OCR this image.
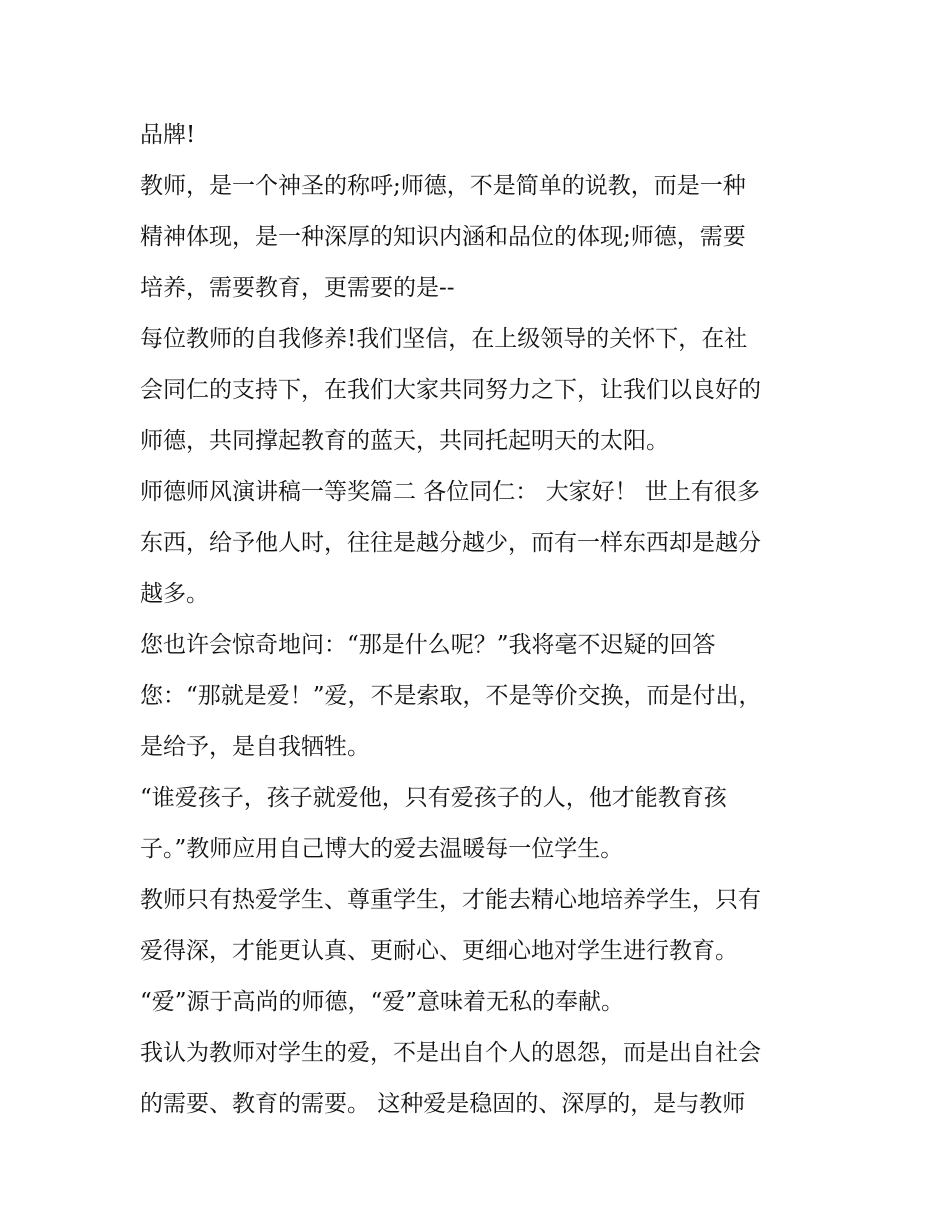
品牌!
教师，是一个神圣的称呼;师德，不是简单的说教，而是一种
精神体现，是一种深厚的知识内涵和品位的体现;师德，需要
培养，需要教育，更需要的是--
每位教师的自我修养!我们坚信，在上级领导的关怀下，在社
会同仁的支持下，在我们大家共同努力之下，让我们以良好的
师德，共同撑起教育的蓝天，共同托起明天的太阳。
师德师风演讲稿一等奖篇二 各位同仁： 大家好！ 世上有很多
东西，给予他人时，往往是越分越少，而有一样东西却是越分
越多。
您也许会惊奇地问：“那是什么呢？”我将毫不迟疑的回答
您：“那就是爱！”爱，不是索取，不是等价交换，而是付出，
是给予，是自我牺牲。
“谁爱孩子，孩子就爱他，只有爱孩子的人，他才能教育孩
子。”教师应用自己博大的爱去温暖每一位学生。
教师只有热爱学生、尊重学生，才能去精心地培养学生，只有
爱得深，才能更认真、更耐心、更细心地对学生进行教育。
“爱”源于高尚的师德，“爱”意味着无私的奉献。
我认为教师对学生的爱，不是出自个人的恩怨，而是出自社会
的需要、教育的需要。 这种爱是稳固的、深厚的，是与教师
